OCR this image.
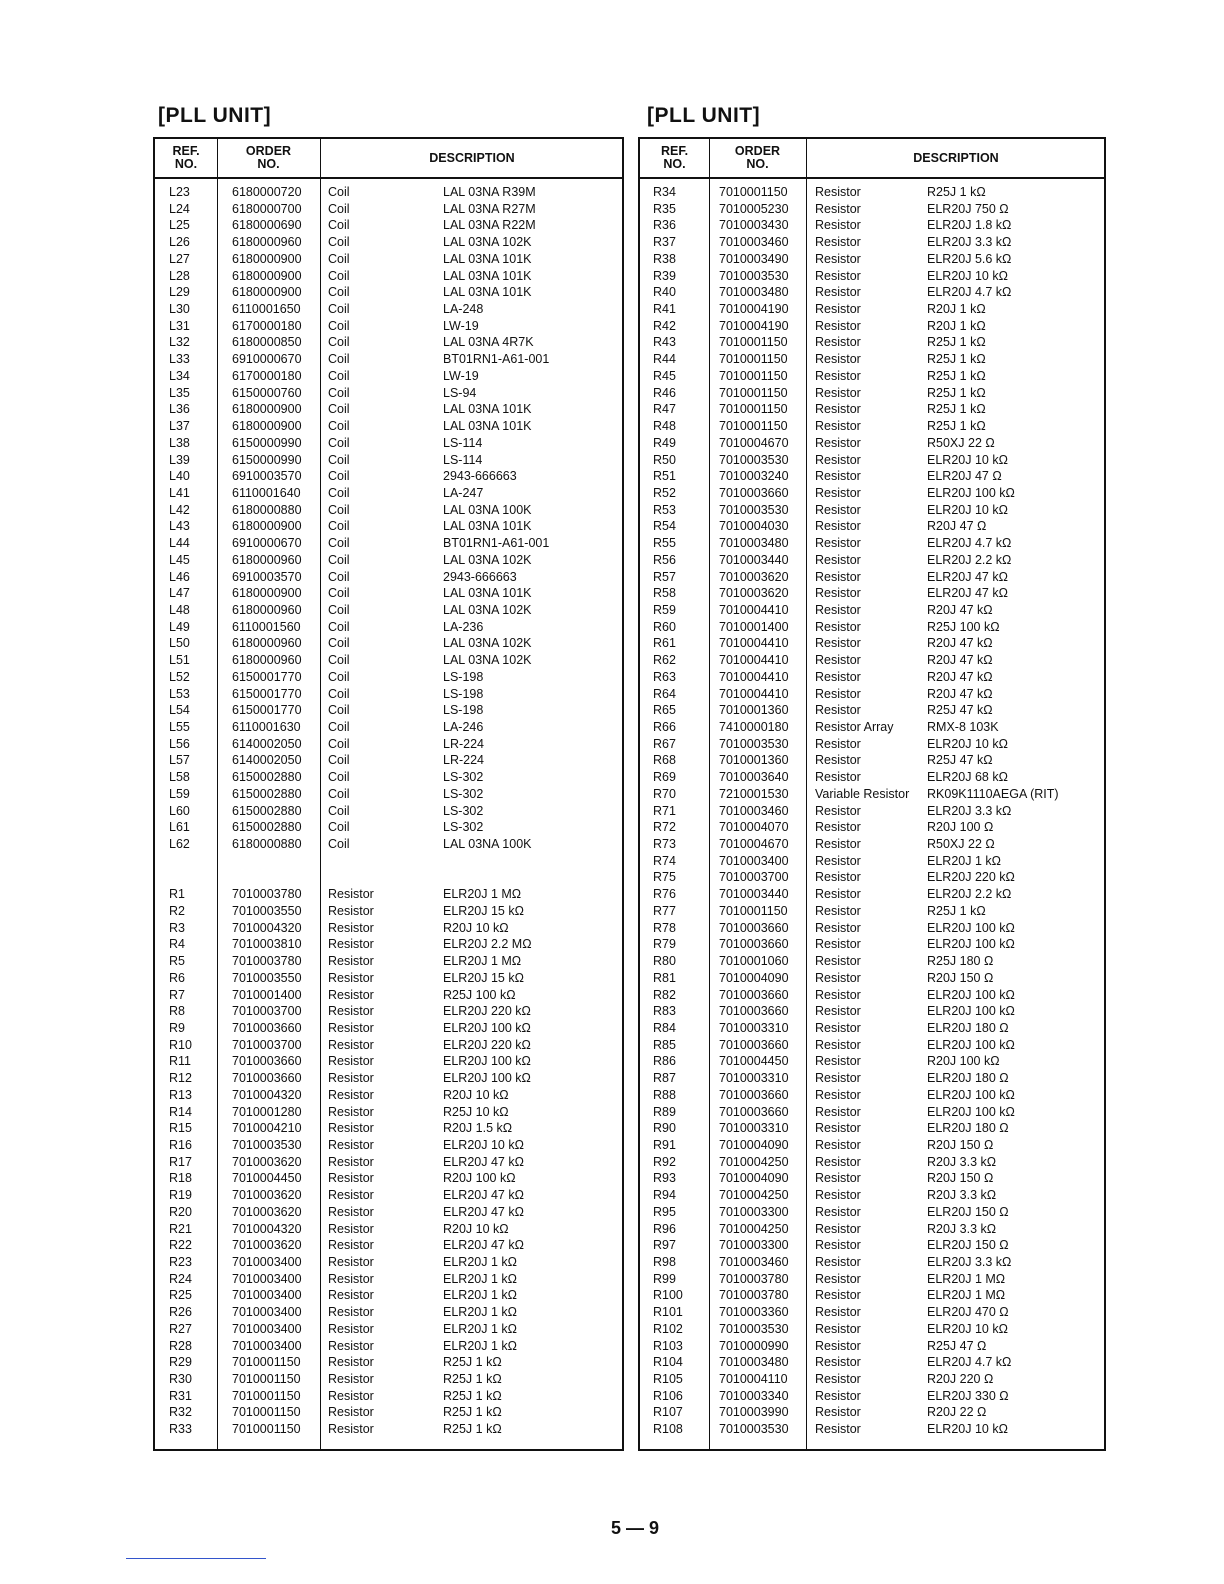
[PLL UNIT]	[PLL UNIT]
REF.
NO.
ORDER
NO.	DESCRIPTION
L23	6180000720 Coil	LAL 03NA R39M
L24	6180000700 Coil	LAL 03NA R27M
L25	6180000690 Coil	LAL 03NA R22M
L26	6180000960 Coil	LAL 03NA 102K
L27	6180000900 Coil	LAL 03NA 101K
L28	6180000900 Coil	LAL 03NA 101K
L29	6180000900 Coil	LAL 03NA 101K
L30	6110001650 Coil	LA-248
L31	6170000180 Coil	LW-19
L32	6180000850 Coil	LAL 03NA 4R7K
L33	6910000670 Coil	BT01RN1-A61-001
L34	6170000180 Coil	LW-19
L35	6150000760 Coil	LS-94
L36	6180000900 Coil	LAL 03NA 101K
L37	6180000900 Coil	LAL 03NA 101K
L38	6150000990 Coil	LS-114
L39	6150000990 Coil	LS-114
L40	6910003570 Coil	2943-666663
L41	6110001640 Coil	LA-247
L42	6180000880 Coil	LAL 03NA 100K
L43	6180000900 Coil	LAL 03NA 101K
L44	6910000670 Coil	BT01RN1-A61-001
L45	6180000960 Coil	LAL 03NA 102K
L46	6910003570 Coil	2943-666663
L47	6180000900 Coil	LAL 03NA 101K
L48	6180000960 Coil	LAL 03NA 102K
L49	6110001560 Coil	LA-236
L50	6180000960 Coil	LAL 03NA 102K
L51	6180000960 Coil	LAL 03NA 102K
L52	6150001770 Coil	LS-198
L53	6150001770 Coil	LS-198
L54	6150001770 Coil	LS-198
L55	6110001630 Coil	LA-246
L56	6140002050 Coil	LR-224
L57	6140002050 Coil	LR-224
L58	6150002880 Coil	LS-302
L59	6150002880 Coil	LS-302
L60	6150002880 Coil	LS-302
L61	6150002880 Coil	LS-302
L62	6180000880 Coil	LAL 03NA 100K
R1	7010003780 Resistor	ELR20J 1 MΩ
R2	7010003550 Resistor	ELR20J 15 kΩ
R3	7010004320 Resistor	R20J 10 kΩ
R4	7010003810 Resistor	ELR20J 2.2 MΩ
R5	7010003780 Resistor	ELR20J 1 MΩ
R6	7010003550 Resistor	ELR20J 15 kΩ
R7	7010001400 Resistor	R25J 100 kΩ
R8	7010003700 Resistor	ELR20J 220 kΩ
R9	7010003660 Resistor	ELR20J 100 kΩ
R10	7010003700 Resistor	ELR20J 220 kΩ
R11	7010003660 Resistor	ELR20J 100 kΩ
R12	7010003660 Resistor	ELR20J 100 kΩ
R13	7010004320 Resistor	R20J 10 kΩ
R14	7010001280 Resistor	R25J 10 kΩ
R15	7010004210 Resistor	R20J 1.5 kΩ
R16	7010003530 Resistor	ELR20J 10 kΩ
R17	7010003620 Resistor	ELR20J 47 kΩ
R18	7010004450 Resistor	R20J 100 kΩ
R19	7010003620 Resistor	ELR20J 47 kΩ
R20	7010003620 Resistor	ELR20J 47 kΩ
R21	7010004320 Resistor	R20J 10 kΩ
R22	7010003620 Resistor	ELR20J 47 kΩ
R23	7010003400 Resistor	ELR20J 1 kΩ
R24	7010003400 Resistor	ELR20J 1 kΩ
R25	7010003400 Resistor	ELR20J 1 kΩ
R26	7010003400 Resistor	ELR20J 1 kΩ
R27	7010003400 Resistor	ELR20J 1 kΩ
R28	7010003400 Resistor	ELR20J 1 kΩ
R29	7010001150 Resistor	R25J 1 kΩ
R30	7010001150 Resistor	R25J 1 kΩ
R31	7010001150 Resistor	R25J 1 kΩ
R32	7010001150 Resistor	R25J 1 kΩ
R33	7010001150 Resistor	R25J 1 kΩ
REF.
NO.
ORDER
NO.	DESCRIPTION
R34	7010001150 Resistor	R25J 1 kΩ
R35	7010005230 Resistor	ELR20J 750 Ω
R36	7010003430 Resistor	ELR20J 1.8 kΩ
R37	7010003460 Resistor	ELR20J 3.3 kΩ
R38	7010003490 Resistor	ELR20J 5.6 kΩ
R39	7010003530 Resistor	ELR20J 10 kΩ
R40	7010003480 Resistor	ELR20J 4.7 kΩ
R41	7010004190 Resistor	R20J 1 kΩ
R42	7010004190 Resistor	R20J 1 kΩ
R43	7010001150 Resistor	R25J 1 kΩ
R44	7010001150 Resistor	R25J 1 kΩ
R45	7010001150 Resistor	R25J 1 kΩ
R46	7010001150 Resistor	R25J 1 kΩ
R47	7010001150 Resistor	R25J 1 kΩ
R48	7010001150 Resistor	R25J 1 kΩ
R49	7010004670 Resistor	R50XJ 22 Ω
R50	7010003530 Resistor	ELR20J 10 kΩ
R51	7010003240 Resistor	ELR20J 47 Ω
R52	7010003660 Resistor	ELR20J 100 kΩ
R53	7010003530 Resistor	ELR20J 10 kΩ
R54	7010004030 Resistor	R20J 47 Ω
R55	7010003480 Resistor	ELR20J 4.7 kΩ
R56	7010003440 Resistor	ELR20J 2.2 kΩ
R57	7010003620 Resistor	ELR20J 47 kΩ
R58	7010003620 Resistor	ELR20J 47 kΩ
R59	7010004410 Resistor	R20J 47 kΩ
R60	7010001400 Resistor	R25J 100 kΩ
R61	7010004410 Resistor	R20J 47 kΩ
R62	7010004410 Resistor	R20J 47 kΩ
R63	7010004410 Resistor	R20J 47 kΩ
R64	7010004410 Resistor	R20J 47 kΩ
R65	7010001360 Resistor	R25J 47 kΩ
R66	7410000180 Resistor Array	RMX-8 103K
R67	7010003530 Resistor	ELR20J 10 kΩ
R68	7010001360 Resistor	R25J 47 kΩ
R69	7010003640 Resistor	ELR20J 68 kΩ
R70	7210001530 Variable Resistor RK09K1110AEGA (RIT)
R71	7010003460 Resistor	ELR20J 3.3 kΩ
R72	7010004070 Resistor	R20J 100 Ω
R73	7010004670 Resistor	R50XJ 22 Ω
R74	7010003400 Resistor	ELR20J 1 kΩ
R75	7010003700 Resistor	ELR20J 220 kΩ
R76	7010003440 Resistor	ELR20J 2.2 kΩ
R77	7010001150 Resistor	R25J 1 kΩ
R78	7010003660 Resistor	ELR20J 100 kΩ
R79	7010003660 Resistor	ELR20J 100 kΩ
R80	7010001060 Resistor	R25J 180 Ω
R81	7010004090 Resistor	R20J 150 Ω
R82	7010003660 Resistor	ELR20J 100 kΩ
R83	7010003660 Resistor	ELR20J 100 kΩ
R84	7010003310 Resistor	ELR20J 180 Ω
R85	7010003660 Resistor	ELR20J 100 kΩ
R86	7010004450 Resistor	R20J 100 kΩ
R87	7010003310 Resistor	ELR20J 180 Ω
R88	7010003660 Resistor	ELR20J 100 kΩ
R89	7010003660 Resistor	ELR20J 100 kΩ
R90	7010003310 Resistor	ELR20J 180 Ω
R91	7010004090 Resistor	R20J 150 Ω
R92	7010004250 Resistor	R20J 3.3 kΩ
R93	7010004090 Resistor	R20J 150 Ω
R94	7010004250 Resistor	R20J 3.3 kΩ
R95	7010003300 Resistor	ELR20J 150 Ω
R96	7010004250 Resistor	R20J 3.3 kΩ
R97	7010003300 Resistor	ELR20J 150 Ω
R98	7010003460 Resistor	ELR20J 3.3 kΩ
R99	7010003780 Resistor	ELR20J 1 MΩ
R100	7010003780 Resistor	ELR20J 1 MΩ
R101	7010003360 Resistor	ELR20J 470 Ω
R102	7010003530 Resistor	ELR20J 10 kΩ
R103	7010000990 Resistor	R25J 47 Ω
R104	7010003480 Resistor	ELR20J 4.7 kΩ
R105	7010004110 Resistor	R20J 220 Ω
R106	7010003340 Resistor	ELR20J 330 Ω
R107	7010003990 Resistor	R20J 22 Ω
R108	7010003530 Resistor	ELR20J 10 kΩ
5 — 9
